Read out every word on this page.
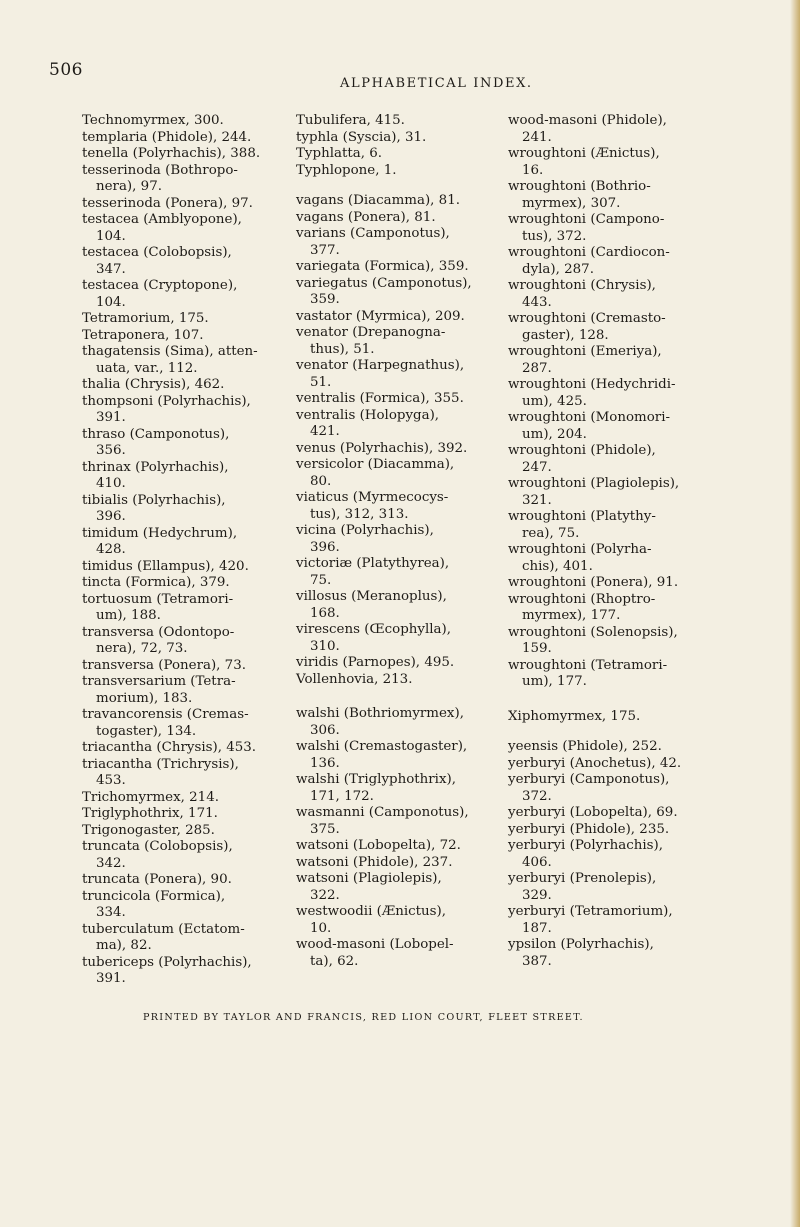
506
ALPHABETICAL INDEX.
Technomyrmex, 300.
templaria (Phidole), 244.
tenella (Polyrhachis), 388.
tesserinoda (Bothropo-
nera), 97.
tesserinoda (Ponera), 97.
testacea (Amblyopone),
104.
testacea (Colobopsis),
347.
testacea (Cryptopone),
104.
Tetramorium, 175.
Tetraponera, 107.
thagatensis (Sima), atten-
uata, var., 112.
thalia (Chrysis), 462.
thompsoni (Polyrhachis),
391.
thraso (Camponotus),
356.
thrinax (Polyrhachis),
410.
tibialis (Polyrhachis),
396.
timidum (Hedychrum),
428.
timidus (Ellampus), 420.
tincta (Formica), 379.
tortuosum (Tetramori-
um), 188.
transversa (Odontopo-
nera), 72, 73.
transversa (Ponera), 73.
transversarium (Tetra-
morium), 183.
travancorensis (Cremas-
togaster), 134.
triacantha (Chrysis), 453.
triacantha (Trichrysis),
453.
Trichomyrmex, 214.
Triglyphothrix, 171.
Trigonogaster, 285.
truncata (Colobopsis),
342.
truncata (Ponera), 90.
truncicola (Formica),
334.
tuberculatum (Ectatom-
ma), 82.
tubericeps (Polyrhachis),
391.
Tubulifera, 415.
typhla (Syscia), 31.
Typhlatta, 6.
Typhlopone, 1.
vagans (Diacamma), 81.
vagans (Ponera), 81.
varians (Camponotus),
377.
variegata (Formica), 359.
variegatus (Camponotus),
359.
vastator (Myrmica), 209.
venator (Drepanogna-
thus), 51.
venator (Harpegnathus),
51.
ventralis (Formica), 355.
ventralis (Holopyga),
421.
venus (Polyrhachis), 392.
versicolor (Diacamma),
80.
viaticus (Myrmecocys-
tus), 312, 313.
vicina (Polyrhachis),
396.
victoriæ (Platythyrea),
75.
villosus (Meranoplus),
168.
virescens (Œcophylla),
310.
viridis (Parnopes), 495.
Vollenhovia, 213.
walshi (Bothriomyrmex),
306.
walshi (Cremastogaster),
136.
walshi (Triglyphothrix),
171, 172.
wasmanni (Camponotus),
375.
watsoni (Lobopelta), 72.
watsoni (Phidole), 237.
watsoni (Plagiolepis),
322.
westwoodii (Ænictus),
10.
wood-masoni (Lobopel-
ta), 62.
wood-masoni (Phidole),
241.
wroughtoni (Ænictus),
16.
wroughtoni (Bothrio-
myrmex), 307.
wroughtoni (Campono-
tus), 372.
wroughtoni (Cardiocon-
dyla), 287.
wroughtoni (Chrysis),
443.
wroughtoni (Cremasto-
gaster), 128.
wroughtoni (Emeriya),
287.
wroughtoni (Hedychridi-
um), 425.
wroughtoni (Monomori-
um), 204.
wroughtoni (Phidole),
247.
wroughtoni (Plagiolepis),
321.
wroughtoni (Platythy-
rea), 75.
wroughtoni (Polyrha-
chis), 401.
wroughtoni (Ponera), 91.
wroughtoni (Rhoptro-
myrmex), 177.
wroughtoni (Solenopsis),
159.
wroughtoni (Tetramori-
um), 177.
Xiphomyrmex, 175.
yeensis (Phidole), 252.
yerburyi (Anochetus), 42.
yerburyi (Camponotus),
372.
yerburyi (Lobopelta), 69.
yerburyi (Phidole), 235.
yerburyi (Polyrhachis),
406.
yerburyi (Prenolepis),
329.
yerburyi (Tetramorium),
187.
ypsilon (Polyrhachis),
387.
PRINTED BY TAYLOR AND FRANCIS, RED LION COURT, FLEET STREET.
